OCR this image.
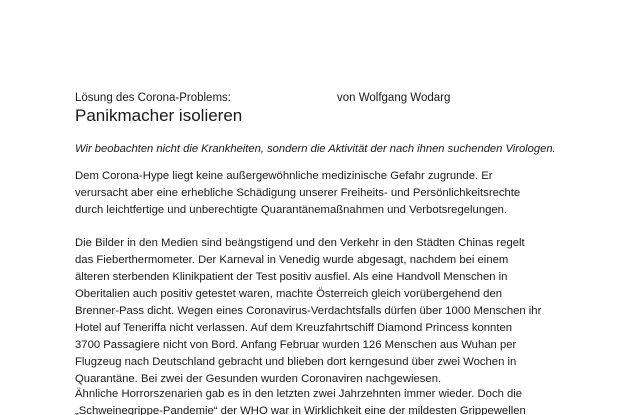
Lösung des Corona-Problems:	von Wolfgang Wodarg
Panikmacher isolieren
Wir beobachten nicht die Krankheiten, sondern die Aktivität der nach ihnen suchenden Virologen.
Dem Corona-Hype liegt keine außergewöhnliche medizinische Gefahr zugrunde. Er
verursacht aber eine erhebliche Schädigung unserer Freiheits- und Persönlichkeitsrechte
durch leichtfertige und unberechtigte Quarantänemaßnahmen und Verbotsregelungen.
Die Bilder in den Medien sind beängstigend und den Verkehr in den Städten Chinas regelt
das Fieberthermometer. Der Karneval in Venedig wurde abgesagt, nachdem bei einem
älteren sterbenden Klinikpatient der Test positiv ausfiel. Als eine Handvoll Menschen in
Oberitalien auch positiv getestet waren, machte Österreich gleich vorübergehend den
Brenner-Pass dicht. Wegen eines Coronavirus-Verdachtsfalls dürfen über 1000 Menschen ihr
Hotel auf Teneriffa nicht verlassen. Auf dem Kreuzfahrtschiff Diamond Princess konnten
3700 Passagiere nicht von Bord. Anfang Februar wurden 126 Menschen aus Wuhan per
Flugzeug nach Deutschland gebracht und blieben dort kerngesund über zwei Wochen in
Quarantäne. Bei zwei der Gesunden wurden Coronaviren nachgewiesen.
Ähnliche Horrorszenarien gab es in den letzten zwei Jahrzehnten immer wieder. Doch die
„Schweinegrippe-Pandemie“ der WHO war in Wirklichkeit eine der mildesten Grippewellen
